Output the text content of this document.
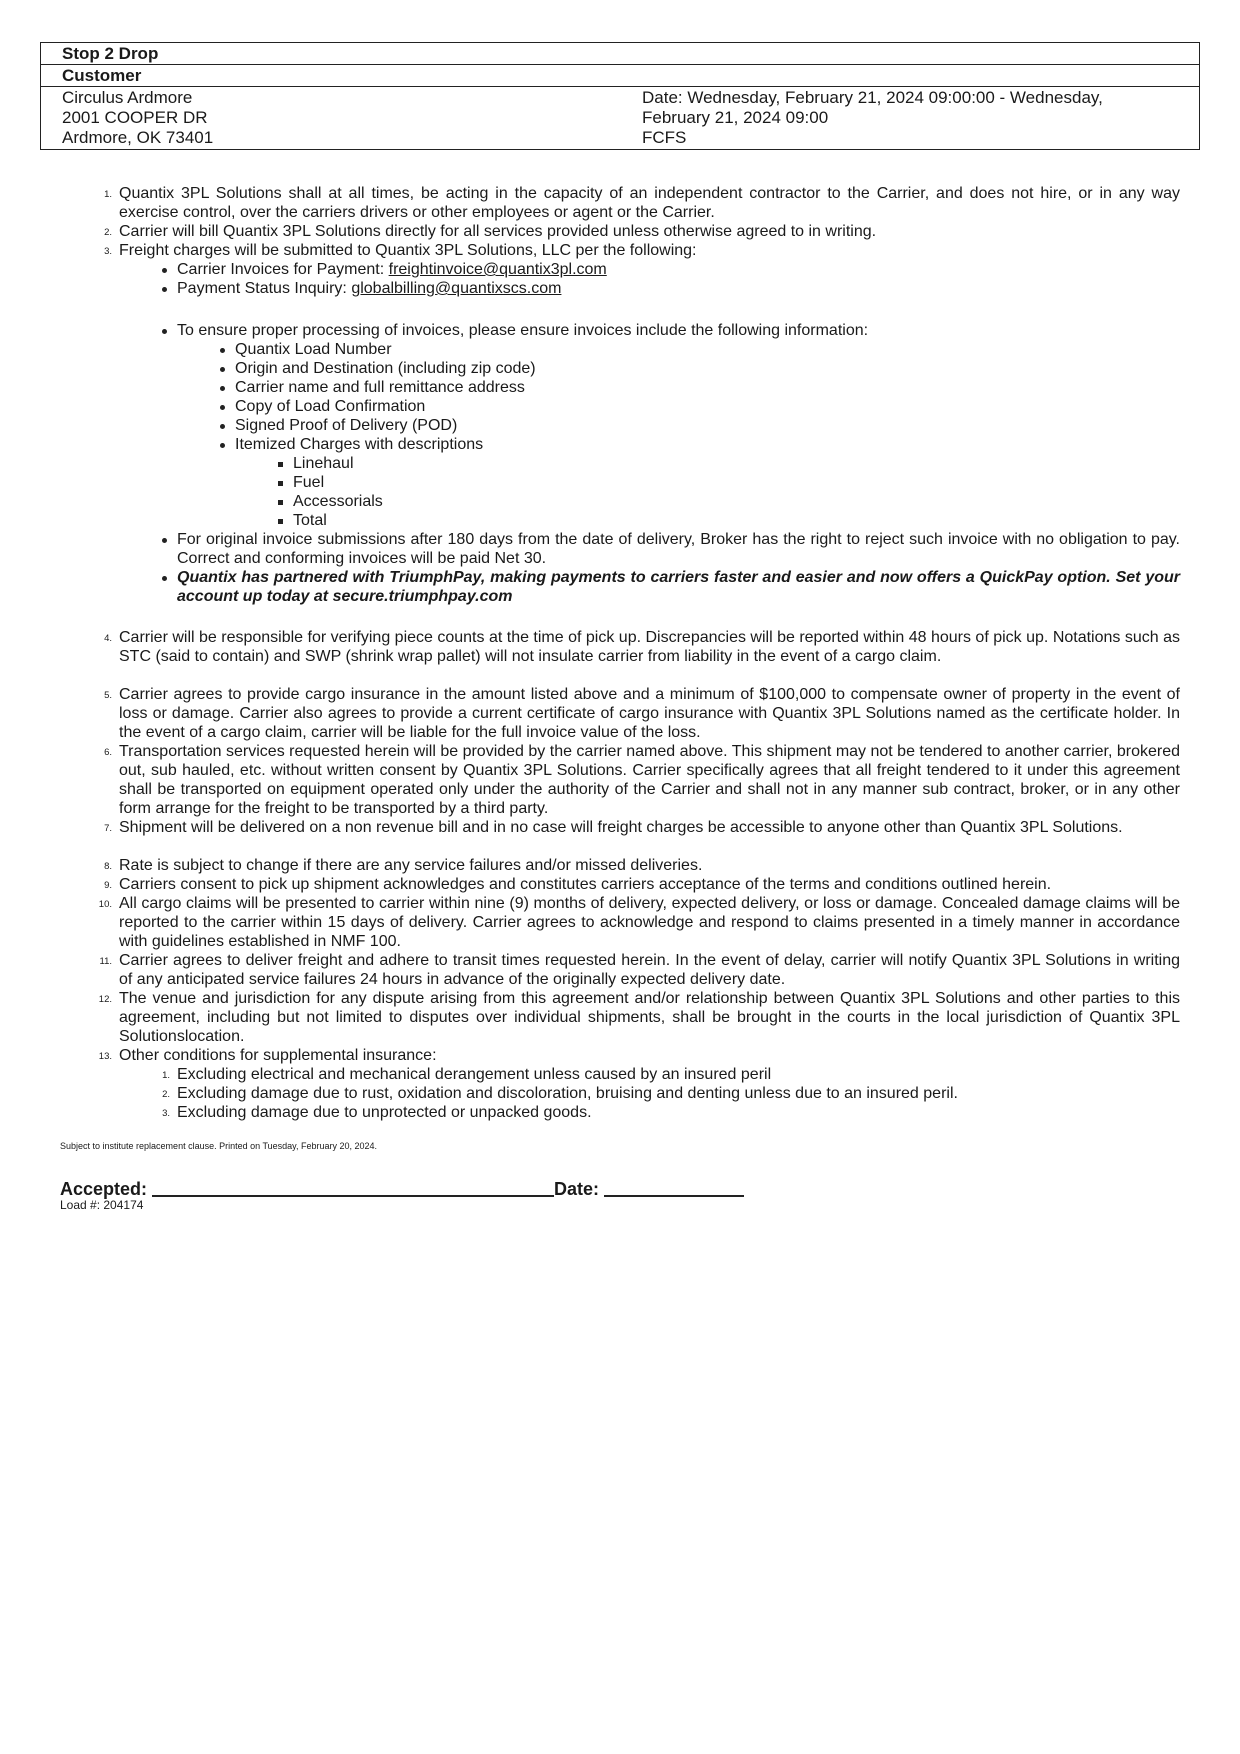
Stop 2 Drop
Customer
Circulus Ardmore
2001 COOPER DR
Ardmore, OK 73401
Date: Wednesday, February 21, 2024 09:00:00 - Wednesday,
February 21, 2024 09:00
FCFS
1. Quantix 3PL Solutions shall at all times, be acting in the capacity of an independent contractor to the Carrier, and does not hire, or in any way exercise control, over the carriers drivers or other employees or agent or the Carrier.
2. Carrier will bill Quantix 3PL Solutions directly for all services provided unless otherwise agreed to in writing.
3. Freight charges will be submitted to Quantix 3PL Solutions, LLC per the following:
Carrier Invoices for Payment: freightinvoice@quantix3pl.com
Payment Status Inquiry: globalbilling@quantixscs.com
To ensure proper processing of invoices, please ensure invoices include the following information:
Quantix Load Number
Origin and Destination (including zip code)
Carrier name and full remittance address
Copy of Load Confirmation
Signed Proof of Delivery (POD)
Itemized Charges with descriptions
Linehaul
Fuel
Accessorials
Total
For original invoice submissions after 180 days from the date of delivery, Broker has the right to reject such invoice with no obligation to pay. Correct and conforming invoices will be paid Net 30.
Quantix has partnered with TriumphPay, making payments to carriers faster and easier and now offers a QuickPay option. Set your account up today at secure.triumphpay.com
4. Carrier will be responsible for verifying piece counts at the time of pick up. Discrepancies will be reported within 48 hours of pick up. Notations such as STC (said to contain) and SWP (shrink wrap pallet) will not insulate carrier from liability in the event of a cargo claim.
5. Carrier agrees to provide cargo insurance in the amount listed above and a minimum of $100,000 to compensate owner of property in the event of loss or damage. Carrier also agrees to provide a current certificate of cargo insurance with Quantix 3PL Solutions named as the certificate holder. In the event of a cargo claim, carrier will be liable for the full invoice value of the loss.
6. Transportation services requested herein will be provided by the carrier named above. This shipment may not be tendered to another carrier, brokered out, sub hauled, etc. without written consent by Quantix 3PL Solutions. Carrier specifically agrees that all freight tendered to it under this agreement shall be transported on equipment operated only under the authority of the Carrier and shall not in any manner sub contract, broker, or in any other form arrange for the freight to be transported by a third party.
7. Shipment will be delivered on a non revenue bill and in no case will freight charges be accessible to anyone other than Quantix 3PL Solutions.
8. Rate is subject to change if there are any service failures and/or missed deliveries.
9. Carriers consent to pick up shipment acknowledges and constitutes carriers acceptance of the terms and conditions outlined herein.
10. All cargo claims will be presented to carrier within nine (9) months of delivery, expected delivery, or loss or damage. Concealed damage claims will be reported to the carrier within 15 days of delivery. Carrier agrees to acknowledge and respond to claims presented in a timely manner in accordance with guidelines established in NMF 100.
11. Carrier agrees to deliver freight and adhere to transit times requested herein. In the event of delay, carrier will notify Quantix 3PL Solutions in writing of any anticipated service failures 24 hours in advance of the originally expected delivery date.
12. The venue and jurisdiction for any dispute arising from this agreement and/or relationship between Quantix 3PL Solutions and other parties to this agreement, including but not limited to disputes over individual shipments, shall be brought in the courts in the local jurisdiction of Quantix 3PL Solutionslocation.
13. Other conditions for supplemental insurance:
1. Excluding electrical and mechanical derangement unless caused by an insured peril
2. Excluding damage due to rust, oxidation and discoloration, bruising and denting unless due to an insured peril.
3. Excluding damage due to unprotected or unpacked goods.
Subject to institute replacement clause. Printed on Tuesday, February 20, 2024.
Accepted:	Date:
Load #: 204174
